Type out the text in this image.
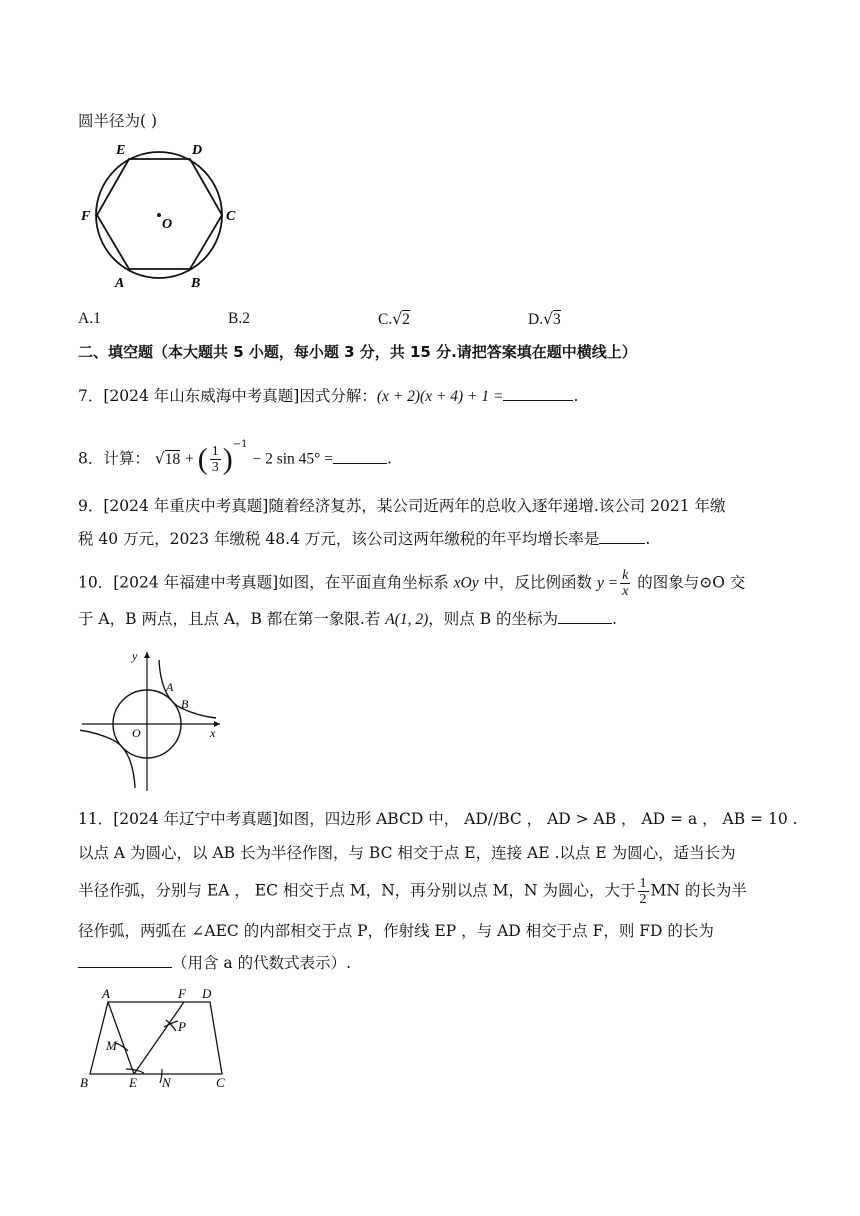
圆半径为( )
E	D
F	C
O
A	B
A.1	B.2	C.√2	D.√3
二、填空题（本大题共 5 小题，每小题 3 分，共 15 分.请把答案填在题中横线上）
7．[2024 年山东威海中考真题]因式分解：(x + 2)(x + 4) + 1 =	.
8．计算： √18 + ( $\frac{1}{3} )^{-1} - 2$ sin 45° =	.
9．[2024 年重庆中考真题]随着经济复苏，某公司近两年的总收入逐年递增.该公司 2021 年缴
税 40 万元，2023 年缴税 48.4 万元，该公司这两年缴税的年平均增长率是	.
10．[2024 年福建中考真题]如图，在平面直角坐标系 xOy 中，反比例函数 $y = \frac{k}{x}$ 的图象与⊙O 交
于 A，B 两点，且点 A，B 都在第一象限.若 A(1, 2)，则点 B 的坐标为	.
y
x
O
A
B
11．[2024 年辽宁中考真题]如图，四边形 ABCD 中， AD//BC ， AD > AB ， AD = a ， AB = 10 .
以点 A 为圆心，以 AB 长为半径作图，与 BC 相交于点 E，连接 AE .以点 E 为圆心，适当长为
半径作弧，分别与 EA ， EC 相交于点 M，N，再分别以点 M，N 为圆心，大于 $\frac{1}{2}$ MN 的长为半
径作弧，两弧在 ∠AEC 的内部相交于点 P，作射线 EP ，与 AD 相交于点 F，则 FD 的长为
（用含 a 的代数式表示）.
A	F D
P
M
B	E N	C
